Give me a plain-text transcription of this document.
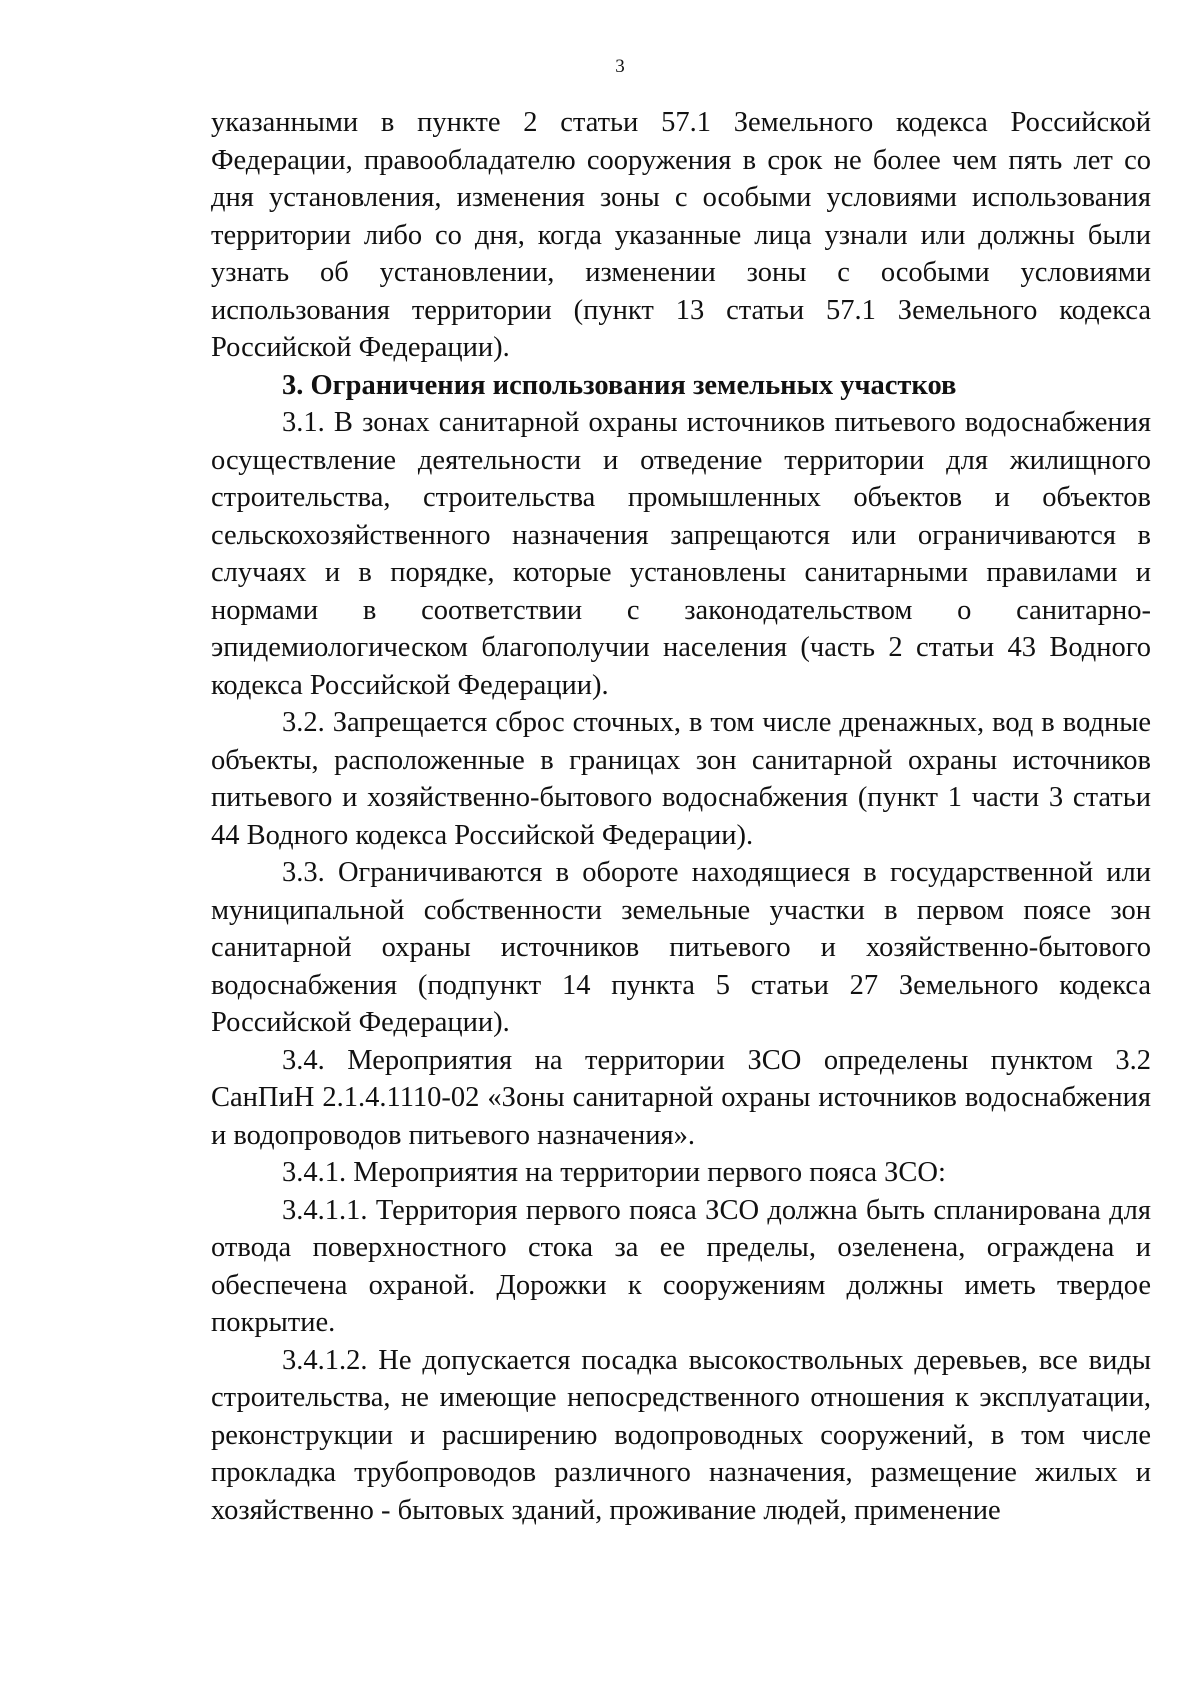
3

указанными в пункте 2 статьи 57.1 Земельного кодекса Российской Федерации, правообладателю сооружения в срок не более чем пять лет со дня установления, изменения зоны с особыми условиями использования территории либо со дня, когда указанные лица узнали или должны были узнать об установлении, изменении зоны с особыми условиями использования территории (пункт 13 статьи 57.1 Земельного кодекса Российской Федерации).

3. Ограничения использования земельных участков

3.1. В зонах санитарной охраны источников питьевого водоснабжения осуществление деятельности и отведение территории для жилищного строительства, строительства промышленных объектов и объектов сельскохозяйственного назначения запрещаются или ограничиваются в случаях и в порядке, которые установлены санитарными правилами и нормами в соответствии с законодательством о санитарно-эпидемиологическом благополучии населения (часть 2 статьи 43 Водного кодекса Российской Федерации).

3.2. Запрещается сброс сточных, в том числе дренажных, вод в водные объекты, расположенные в границах зон санитарной охраны источников питьевого и хозяйственно-бытового водоснабжения (пункт 1 части 3 статьи 44 Водного кодекса Российской Федерации).

3.3. Ограничиваются в обороте находящиеся в государственной или муниципальной собственности земельные участки в первом поясе зон санитарной охраны источников питьевого и хозяйственно-бытового водоснабжения (подпункт 14 пункта 5 статьи 27 Земельного кодекса Российской Федерации).

3.4. Мероприятия на территории ЗСО определены пунктом 3.2 СанПиН 2.1.4.1110-02 «Зоны санитарной охраны источников водоснабжения и водопроводов питьевого назначения».

3.4.1. Мероприятия на территории первого пояса ЗСО:

3.4.1.1. Территория первого пояса ЗСО должна быть спланирована для отвода поверхностного стока за ее пределы, озеленена, ограждена и обеспечена охраной. Дорожки к сооружениям должны иметь твердое покрытие.

3.4.1.2. Не допускается посадка высокоствольных деревьев, все виды строительства, не имеющие непосредственного отношения к эксплуатации, реконструкции и расширению водопроводных сооружений, в том числе прокладка трубопроводов различного назначения, размещение жилых и хозяйственно - бытовых зданий, проживание людей, применение
